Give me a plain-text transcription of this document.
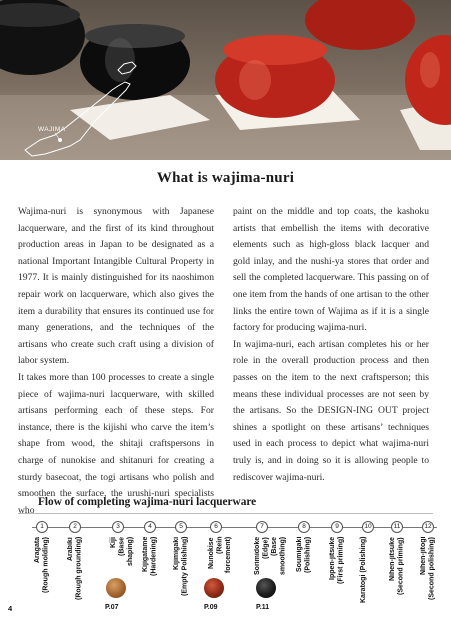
WAJIMA
What is wajima-nuri

Wajima-nuri is synonymous with Japanese lacquerware, and the first of its kind throughout production areas in Japan to be designated as a national Important Intangible Cultural Property in 1977. It is mainly distinguished for its naoshimon repair work on lacquerware, which also gives the item a durability that ensures its continued use for many generations, and the techniques of the artisans who create such craft using a division of labor system.

It takes more than 100 processes to create a single piece of wajima-nuri lacquerware, with skilled artisans performing each of these steps. For instance, there is the kijishi who carve the item’s shape from wood, the shitaji craftspersons in charge of nunokise and shitanuri for creating a sturdy basecoat, the togi artisans who polish and smoothen the surface, the urushi-nuri specialists who

paint on the middle and top coats, the kashoku artists that embellish the items with decorative elements such as high-gloss black lacquer and gold inlay, and the nushi-ya stores that order and sell the completed lacquerware. This passing on of one item from the hands of one artisan to the other links the entire town of Wajima as if it is a single factory for producing wajima-nuri.

In wajima-nuri, each artisan completes his or her role in the overall production process and then passes on the item to the next craftsperson; this means these individual processes are not seen by the artisans. So the DESIGN-ING OUT project shines a spotlight on these artisans’ techniques used in each process to depict what wajima-nuri truly is, and in doing so it is allowing people to rediscover wajima-nuri.

Flow of completing wajima-nuri lacquerware
1
Aragata
(Rough molding)
2
Arabiki
(Rough grounding)
3
Kiji
(Base
shaping)
4
Kijigatame
(Hardening)
5
Kijimigaki
(Empty Polishing)
6
Nunokise
(Rein
forcement)
7
Sorimidoke
(Edge)
(Base
smoothing)
8
Soumigaki
(Polishing)
9
Ippen-jitsuke
(First priming)
10
Karatogi (Polishing)
11
Nihen-jitsuke
(Second priming)
12
Nihen-jitogi
(Second polishing)
P.07	P.09	P.11
4
